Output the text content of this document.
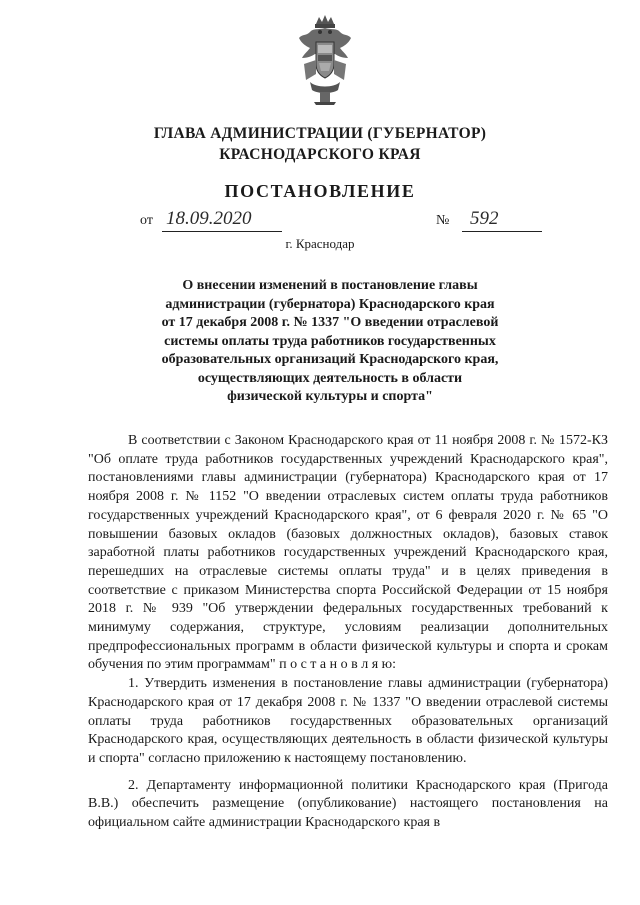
ГЛАВА АДМИНИСТРАЦИИ (ГУБЕРНАТОР)
КРАСНОДАРСКОГО КРАЯ
ПОСТАНОВЛЕНИЕ
от 18.09.2020	№	592
г. Краснодар
О внесении изменений в постановление главы
администрации (губернатора) Краснодарского края
от 17 декабря 2008 г. № 1337 "О введении отраслевой
системы оплаты труда работников государственных
образовательных организаций Краснодарского края,
осуществляющих деятельность в области
физической культуры и спорта"

В соответствии с Законом Краснодарского края от 11 ноября 2008 г. № 1572-КЗ "Об оплате труда работников государственных учреждений Краснодарского края", постановлениями главы администрации (губернатора) Краснодарского края от 17 ноября 2008 г. № 1152 "О введении отраслевых систем оплаты труда работников государственных учреждений Краснодарского края", от 6 февраля 2020 г. № 65 "О повышении базовых окладов (базовых должностных окладов), базовых ставок заработной платы работников государственных учреждений Краснодарского края, перешедших на отраслевые системы оплаты труда" и в целях приведения в соответствие с приказом Министерства спорта Российской Федерации от 15 ноября 2018 г. № 939 "Об утверждении федеральных государственных требований к минимуму содержания, структуре, условиям реализации дополнительных предпрофессиональных программ в области физической культуры и спорта и срокам обучения по этим программам" п о с т а н о в л я ю:

1. Утвердить изменения в постановление главы администрации (губернатора) Краснодарского края от 17 декабря 2008 г. № 1337 "О введении отраслевой системы оплаты труда работников государственных образовательных организаций Краснодарского края, осуществляющих деятельность в области физической культуры и спорта" согласно приложению к настоящему постановлению.

2. Департаменту информационной политики Краснодарского края (Пригода В.В.) обеспечить размещение (опубликование) настоящего постановления на официальном сайте администрации Краснодарского края в
